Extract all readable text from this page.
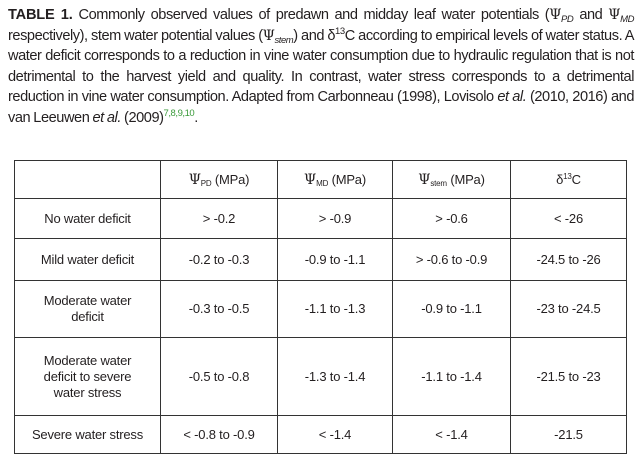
TABLE 1. Commonly observed values of predawn and midday leaf water potentials ($\Psi_{PD}$ and $\Psi_{MD}$ respectively), stem water potential values $(\Psi_{stem})$ and $\delta^{13}C$ according to empirical levels of water status. A water deficit corresponds to a reduction in vine water consumption due to hydraulic regulation that is not detrimental to the harvest yield and quality. In contrast, water stress corresponds to a detrimental reduction in vine water consumption. Adapted from Carbonneau (1998), Lovisolo et al. (2010, 2016) and van Leeuwen et al. (2009)$^{7,8,9,10}$.
	$\Psi_{PD}$ (MPa)	$\Psi_{MD}$ (MPa)	$\Psi_{stem}$ (MPa)	$\delta^{13}C$
No water deficit	> -0.2	> -0.9	> -0.6	< -26
Mild water deficit	-0.2 to -0.3	-0.9 to -1.1	> -0.6 to -0.9	-24.5 to -26
Moderate water deficit	-0.3 to -0.5	-1.1 to -1.3	-0.9 to -1.1	-23 to -24.5
Moderate water deficit to severe water stress	-0.5 to -0.8	-1.3 to -1.4	-1.1 to -1.4	-21.5 to -23
Severe water stress	< -0.8 to -0.9	< -1.4	< -1.4	-21.5
